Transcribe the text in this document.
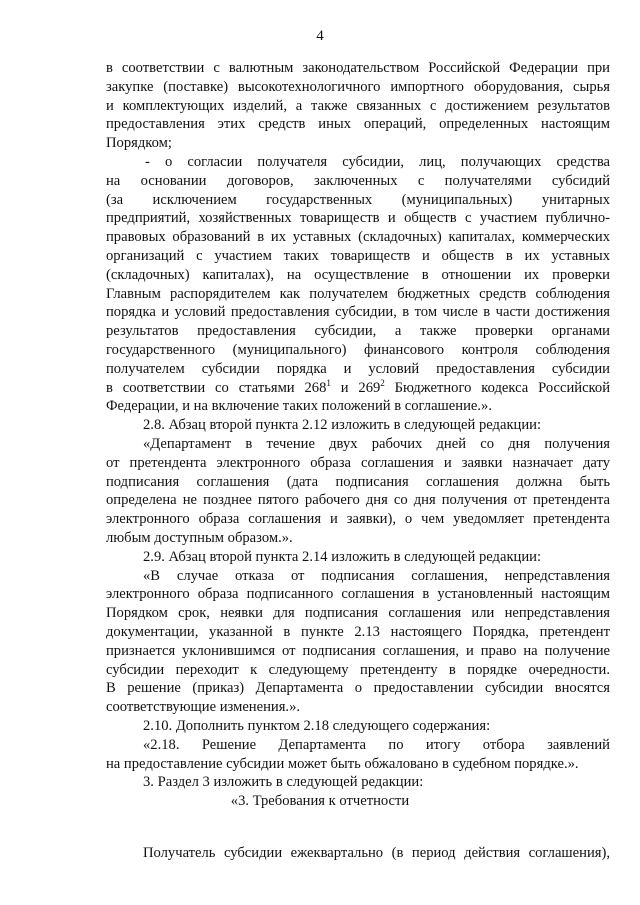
4
в соответствии с валютным законодательством Российской Федерации при
закупке (поставке) высокотехнологичного импортного оборудования, сырья
и комплектующих изделий, а также связанных с достижением результатов
предоставления этих средств иных операций, определенных настоящим
Порядком;
- о согласии получателя субсидии, лиц, получающих средства
на основании договоров, заключенных с получателями субсидий
(за исключением государственных (муниципальных) унитарных
предприятий, хозяйственных товариществ и обществ с участием публично-
правовых образований в их уставных (складочных) капиталах, коммерческих
организаций с участием таких товариществ и обществ в их уставных
(складочных) капиталах), на осуществление в отношении их проверки
Главным распорядителем как получателем бюджетных средств соблюдения
порядка и условий предоставления субсидии, в том числе в части достижения
результатов предоставления субсидии, а также проверки органами
государственного (муниципального) финансового контроля соблюдения
получателем субсидии порядка и условий предоставления субсидии
в соответствии со статьями $268^1$ и $269^2$ Бюджетного кодекса Российской
Федерации, и на включение таких положений в соглашение.».
2.8. Абзац второй пункта 2.12 изложить в следующей редакции:
«Департамент в течение двух рабочих дней со дня получения
от претендента электронного образа соглашения и заявки назначает дату
подписания соглашения (дата подписания соглашения должна быть
определена не позднее пятого рабочего дня со дня получения от претендента
электронного образа соглашения и заявки), о чем уведомляет претендента
любым доступным образом.».
2.9. Абзац второй пункта 2.14 изложить в следующей редакции:
«В случае отказа от подписания соглашения, непредставления
электронного образа подписанного соглашения в установленный настоящим
Порядком срок, неявки для подписания соглашения или непредставления
документации, указанной в пункте 2.13 настоящего Порядка, претендент
признается уклонившимся от подписания соглашения, и право на получение
субсидии переходит к следующему претенденту в порядке очередности.
В решение (приказ) Департамента о предоставлении субсидии вносятся
соответствующие изменения.».
2.10. Дополнить пунктом 2.18 следующего содержания:
«2.18. Решение Департамента по итогу отбора заявлений
на предоставление субсидии может быть обжаловано в судебном порядке.».
3. Раздел 3 изложить в следующей редакции:
«3. Требования к отчетности
Получатель субсидии ежеквартально (в период действия соглашения),
